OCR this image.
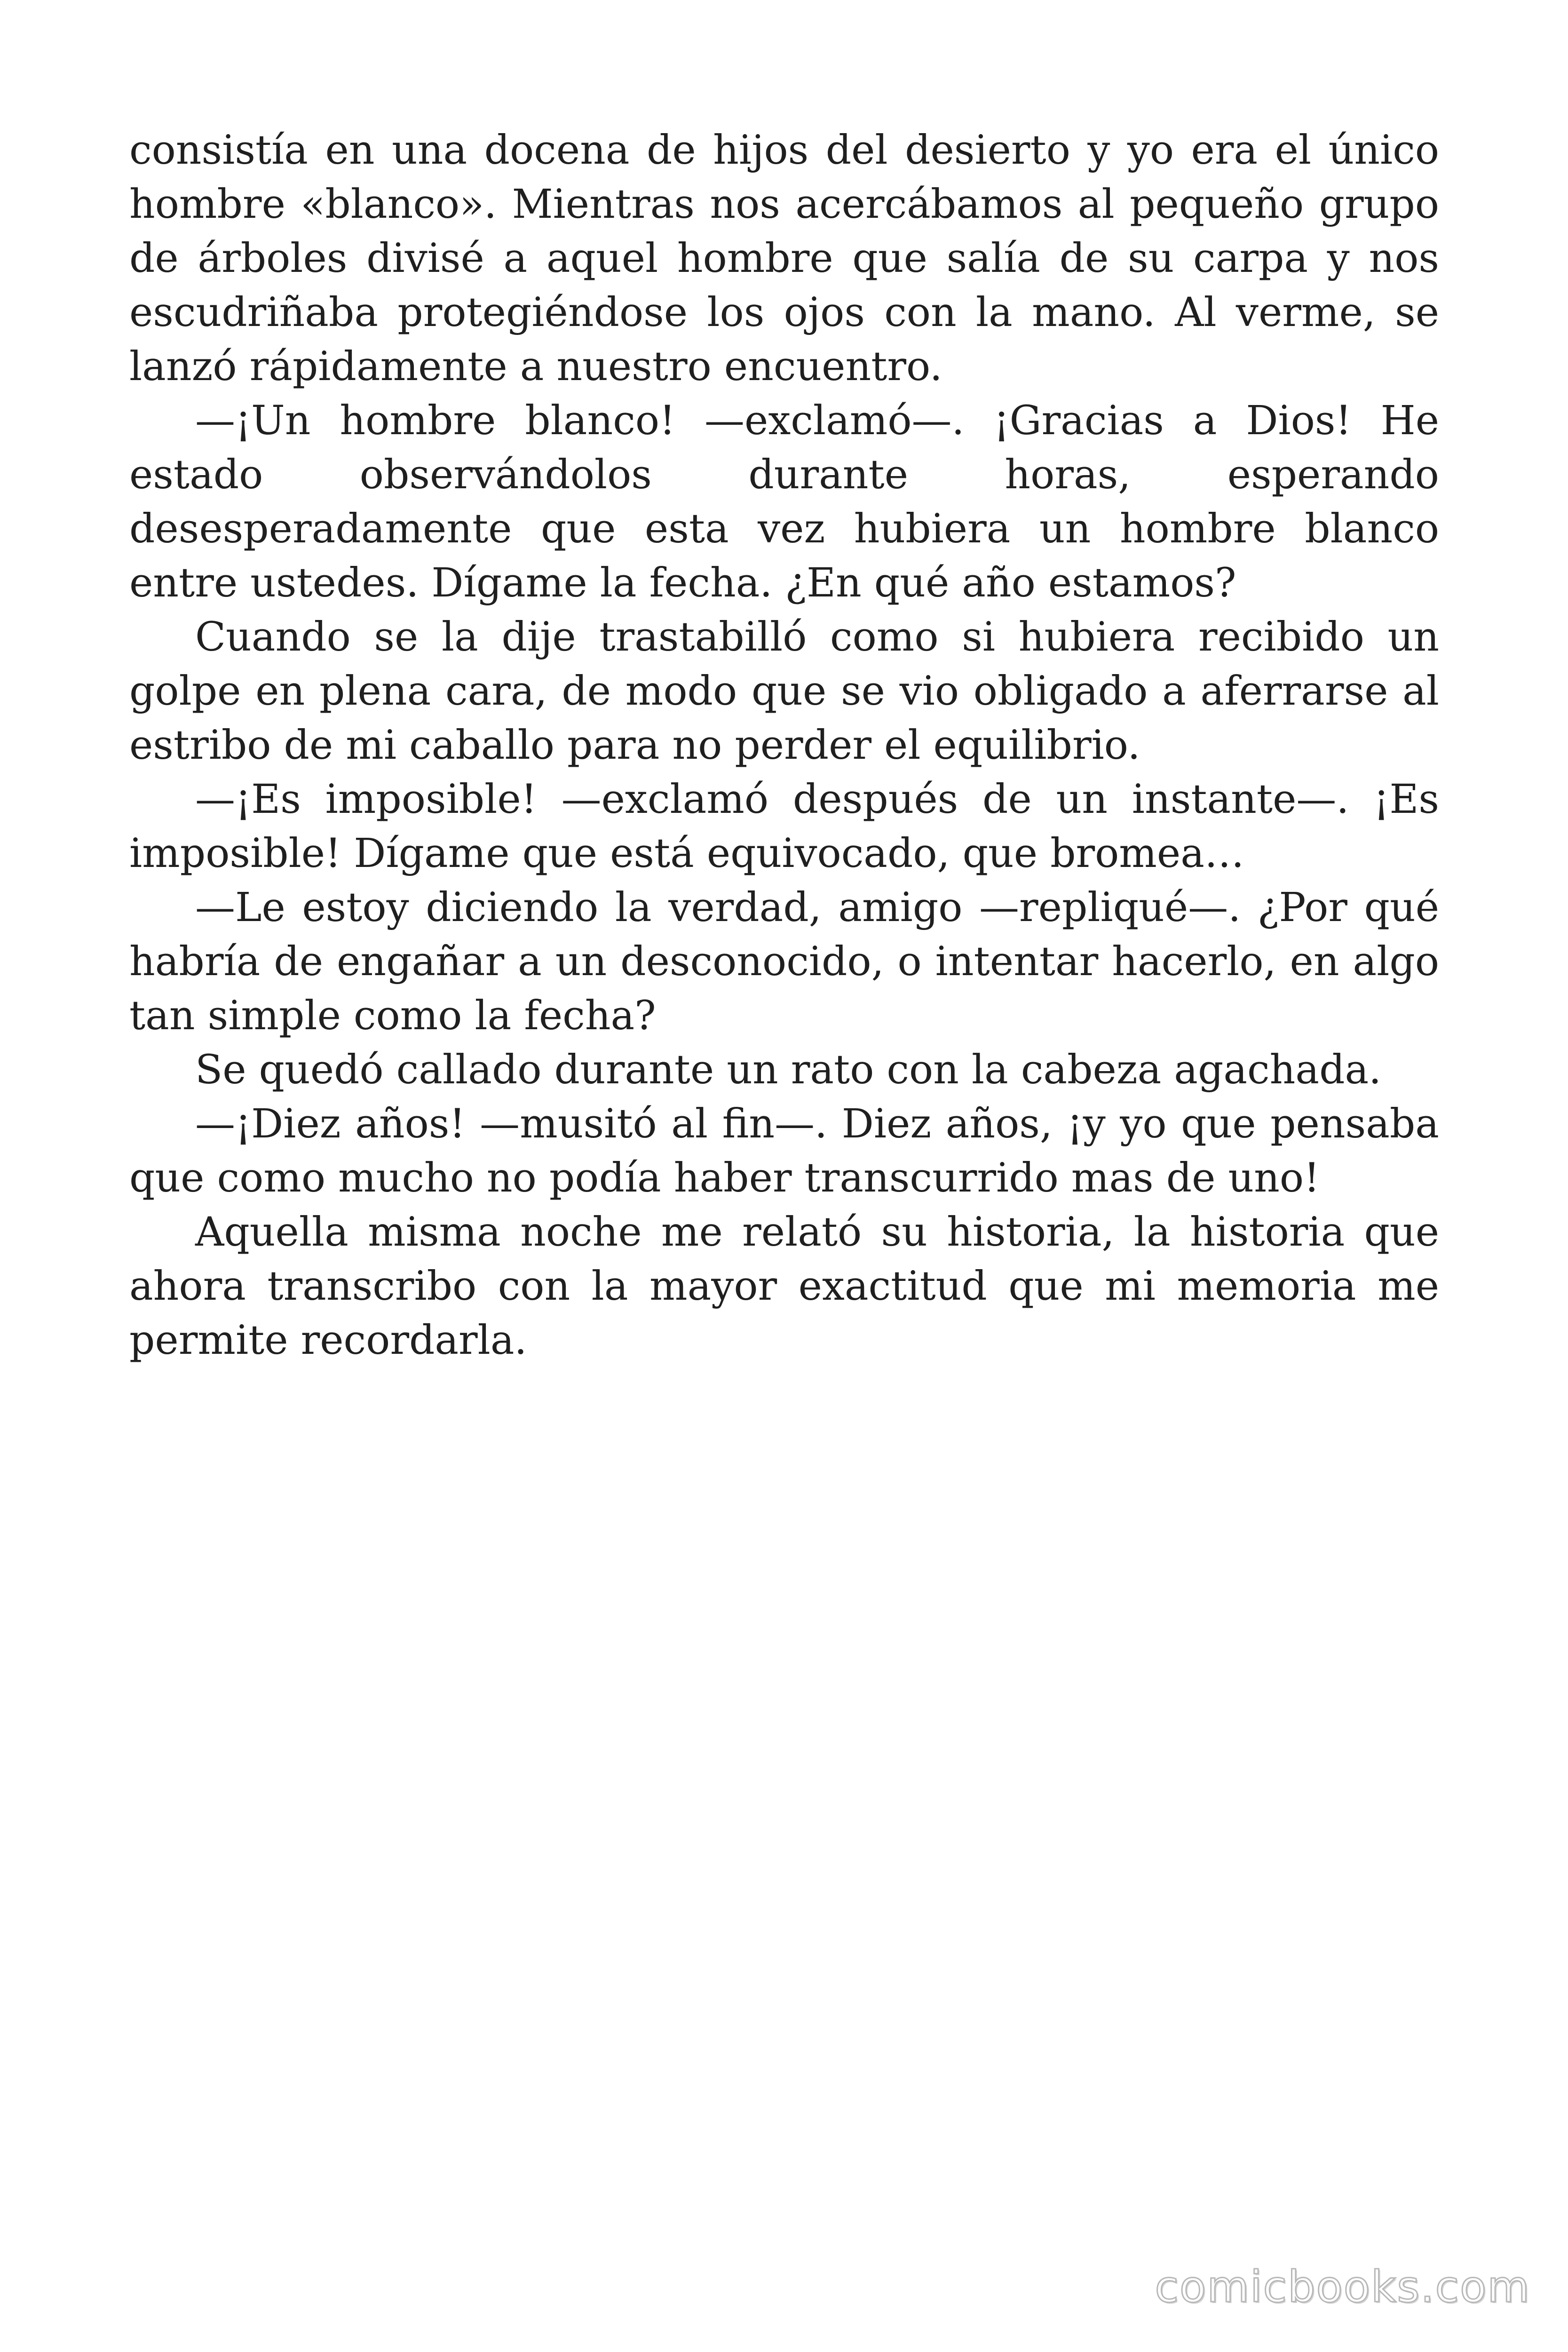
consistía en una docena de hijos del desierto y yo era el único hombre «blanco». Mientras nos acercábamos al pequeño grupo de árboles divisé a aquel hombre que salía de su carpa y nos escudriñaba protegiéndose los ojos con la mano. Al verme, se lanzó rápidamente a nuestro encuentro.

—¡Un hombre blanco! —exclamó—. ¡Gracias a Dios! He estado observándolos durante horas, esperando desesperadamente que esta vez hubiera un hombre blanco entre ustedes. Dígame la fecha. ¿En qué año estamos?

Cuando se la dije trastabilló como si hubiera recibido un golpe en plena cara, de modo que se vio obligado a aferrarse al estribo de mi caballo para no perder el equilibrio.

—¡Es imposible! —exclamó después de un instante—. ¡Es imposible! Dígame que está equivocado, que bromea…

—Le estoy diciendo la verdad, amigo —repliqué—. ¿Por qué habría de engañar a un desconocido, o intentar hacerlo, en algo tan simple como la fecha?

Se quedó callado durante un rato con la cabeza agachada.

—¡Diez años! —musitó al fin—. Diez años, ¡y yo que pensaba que como mucho no podía haber transcurrido mas de uno!

Aquella misma noche me relató su historia, la historia que ahora transcribo con la mayor exactitud que mi memoria me permite recordarla.

comicbooks.com
